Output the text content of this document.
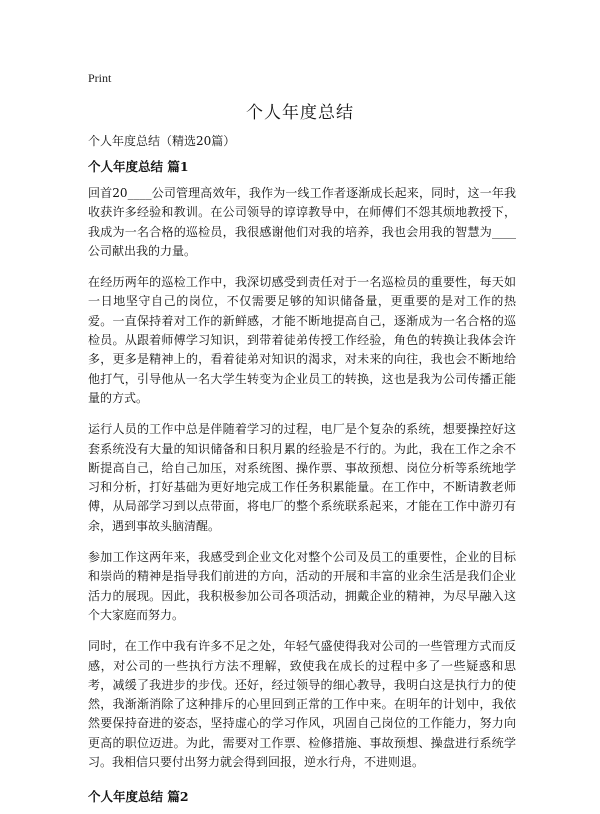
Print
个人年度总结

个人年度总结（精选20篇）

个人年度总结 篇1

回首20____公司管理高效年，我作为一线工作者逐渐成长起来，同时，这一年我收获许多经验和教训。在公司领导的谆谆教导中，在师傅们不怨其烦地教授下，我成为一名合格的巡检员，我很感谢他们对我的培养，我也会用我的智慧为____公司献出我的力量。

在经历两年的巡检工作中，我深切感受到责任对于一名巡检员的重要性，每天如一日地坚守自己的岗位，不仅需要足够的知识储备量，更重要的是对工作的热爱。一直保持着对工作的新鲜感，才能不断地提高自己，逐渐成为一名合格的巡检员。从跟着师傅学习知识，到带着徒弟传授工作经验，角色的转换让我体会许多，更多是精神上的，看着徒弟对知识的渴求，对未来的向往，我也会不断地给他打气，引导他从一名大学生转变为企业员工的转换，这也是我为公司传播正能量的方式。

运行人员的工作中总是伴随着学习的过程，电厂是个复杂的系统，想要操控好这套系统没有大量的知识储备和日积月累的经验是不行的。为此，我在工作之余不断提高自己，给自己加压，对系统图、操作票、事故预想、岗位分析等系统地学习和分析，打好基础为更好地完成工作任务积累能量。在工作中，不断请教老师傅，从局部学习到以点带面，将电厂的整个系统联系起来，才能在工作中游刃有余，遇到事故头脑清醒。

参加工作这两年来，我感受到企业文化对整个公司及员工的重要性，企业的目标和崇尚的精神是指导我们前进的方向，活动的开展和丰富的业余生活是我们企业活力的展现。因此，我积极参加公司各项活动，拥戴企业的精神，为尽早融入这个大家庭而努力。

同时，在工作中我有许多不足之处，年轻气盛使得我对公司的一些管理方式而反感，对公司的一些执行方法不理解，致使我在成长的过程中多了一些疑惑和思考，减缓了我进步的步伐。还好，经过领导的细心教导，我明白这是执行力的使然，我渐渐消除了这种排斥的心里回到正常的工作中来。在明年的计划中，我依然要保持奋进的姿态，坚持虚心的学习作风，巩固自己岗位的工作能力，努力向更高的职位迈进。为此，需要对工作票、检修措施、事故预想、操盘进行系统学习。我相信只要付出努力就会得到回报，逆水行舟，不进则退。

个人年度总结 篇2
